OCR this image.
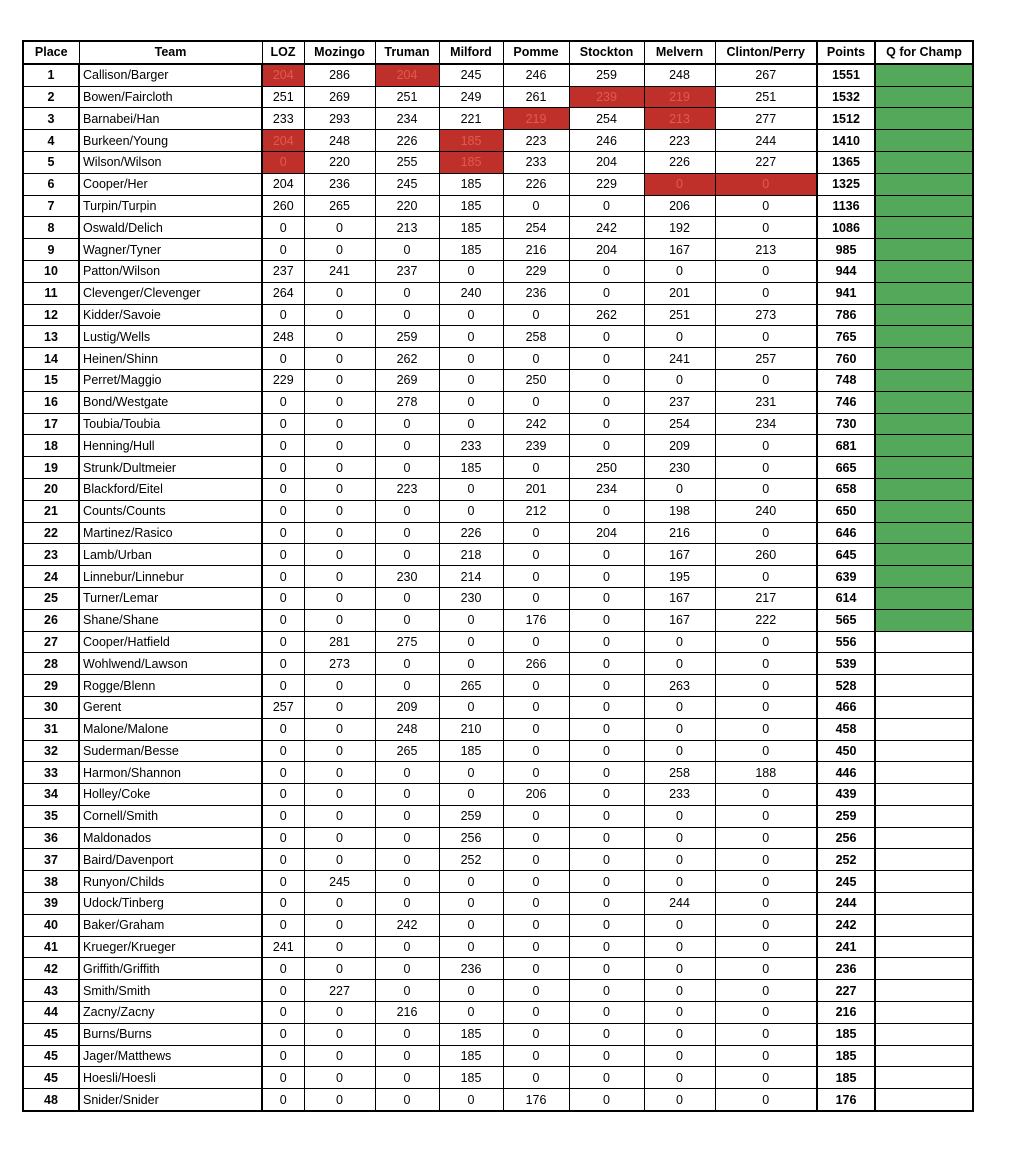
Place	Team	LOZ	Mozingo	Truman	Milford	Pomme	Stockton	Melvern	Clinton/Perry	Points	Q for Champ
1	Callison/Barger	204	286	204	245	246	259	248	267	1551	
2	Bowen/Faircloth	251	269	251	249	261	239	219	251	1532	
3	Barnabei/Han	233	293	234	221	219	254	213	277	1512	
4	Burkeen/Young	204	248	226	185	223	246	223	244	1410	
5	Wilson/Wilson	0	220	255	185	233	204	226	227	1365	
6	Cooper/Her	204	236	245	185	226	229	0	0	1325	
7	Turpin/Turpin	260	265	220	185	0	0	206	0	1136	
8	Oswald/Delich	0	0	213	185	254	242	192	0	1086	
9	Wagner/Tyner	0	0	0	185	216	204	167	213	985	
10	Patton/Wilson	237	241	237	0	229	0	0	0	944	
11	Clevenger/Clevenger	264	0	0	240	236	0	201	0	941	
12	Kidder/Savoie	0	0	0	0	0	262	251	273	786	
13	Lustig/Wells	248	0	259	0	258	0	0	0	765	
14	Heinen/Shinn	0	0	262	0	0	0	241	257	760	
15	Perret/Maggio	229	0	269	0	250	0	0	0	748	
16	Bond/Westgate	0	0	278	0	0	0	237	231	746	
17	Toubia/Toubia	0	0	0	0	242	0	254	234	730	
18	Henning/Hull	0	0	0	233	239	0	209	0	681	
19	Strunk/Dultmeier	0	0	0	185	0	250	230	0	665	
20	Blackford/Eitel	0	0	223	0	201	234	0	0	658	
21	Counts/Counts	0	0	0	0	212	0	198	240	650	
22	Martinez/Rasico	0	0	0	226	0	204	216	0	646	
23	Lamb/Urban	0	0	0	218	0	0	167	260	645	
24	Linnebur/Linnebur	0	0	230	214	0	0	195	0	639	
25	Turner/Lemar	0	0	0	230	0	0	167	217	614	
26	Shane/Shane	0	0	0	0	176	0	167	222	565	
27	Cooper/Hatfield	0	281	275	0	0	0	0	0	556	
28	Wohlwend/Lawson	0	273	0	0	266	0	0	0	539	
29	Rogge/Blenn	0	0	0	265	0	0	263	0	528	
30	Gerent	257	0	209	0	0	0	0	0	466	
31	Malone/Malone	0	0	248	210	0	0	0	0	458	
32	Suderman/Besse	0	0	265	185	0	0	0	0	450	
33	Harmon/Shannon	0	0	0	0	0	0	258	188	446	
34	Holley/Coke	0	0	0	0	206	0	233	0	439	
35	Cornell/Smith	0	0	0	259	0	0	0	0	259	
36	Maldonados	0	0	0	256	0	0	0	0	256	
37	Baird/Davenport	0	0	0	252	0	0	0	0	252	
38	Runyon/Childs	0	245	0	0	0	0	0	0	245	
39	Udock/Tinberg	0	0	0	0	0	0	244	0	244	
40	Baker/Graham	0	0	242	0	0	0	0	0	242	
41	Krueger/Krueger	241	0	0	0	0	0	0	0	241	
42	Griffith/Griffith	0	0	0	236	0	0	0	0	236	
43	Smith/Smith	0	227	0	0	0	0	0	0	227	
44	Zacny/Zacny	0	0	216	0	0	0	0	0	216	
45	Burns/Burns	0	0	0	185	0	0	0	0	185	
45	Jager/Matthews	0	0	0	185	0	0	0	0	185	
45	Hoesli/Hoesli	0	0	0	185	0	0	0	0	185	
48	Snider/Snider	0	0	0	0	176	0	0	0	176	
